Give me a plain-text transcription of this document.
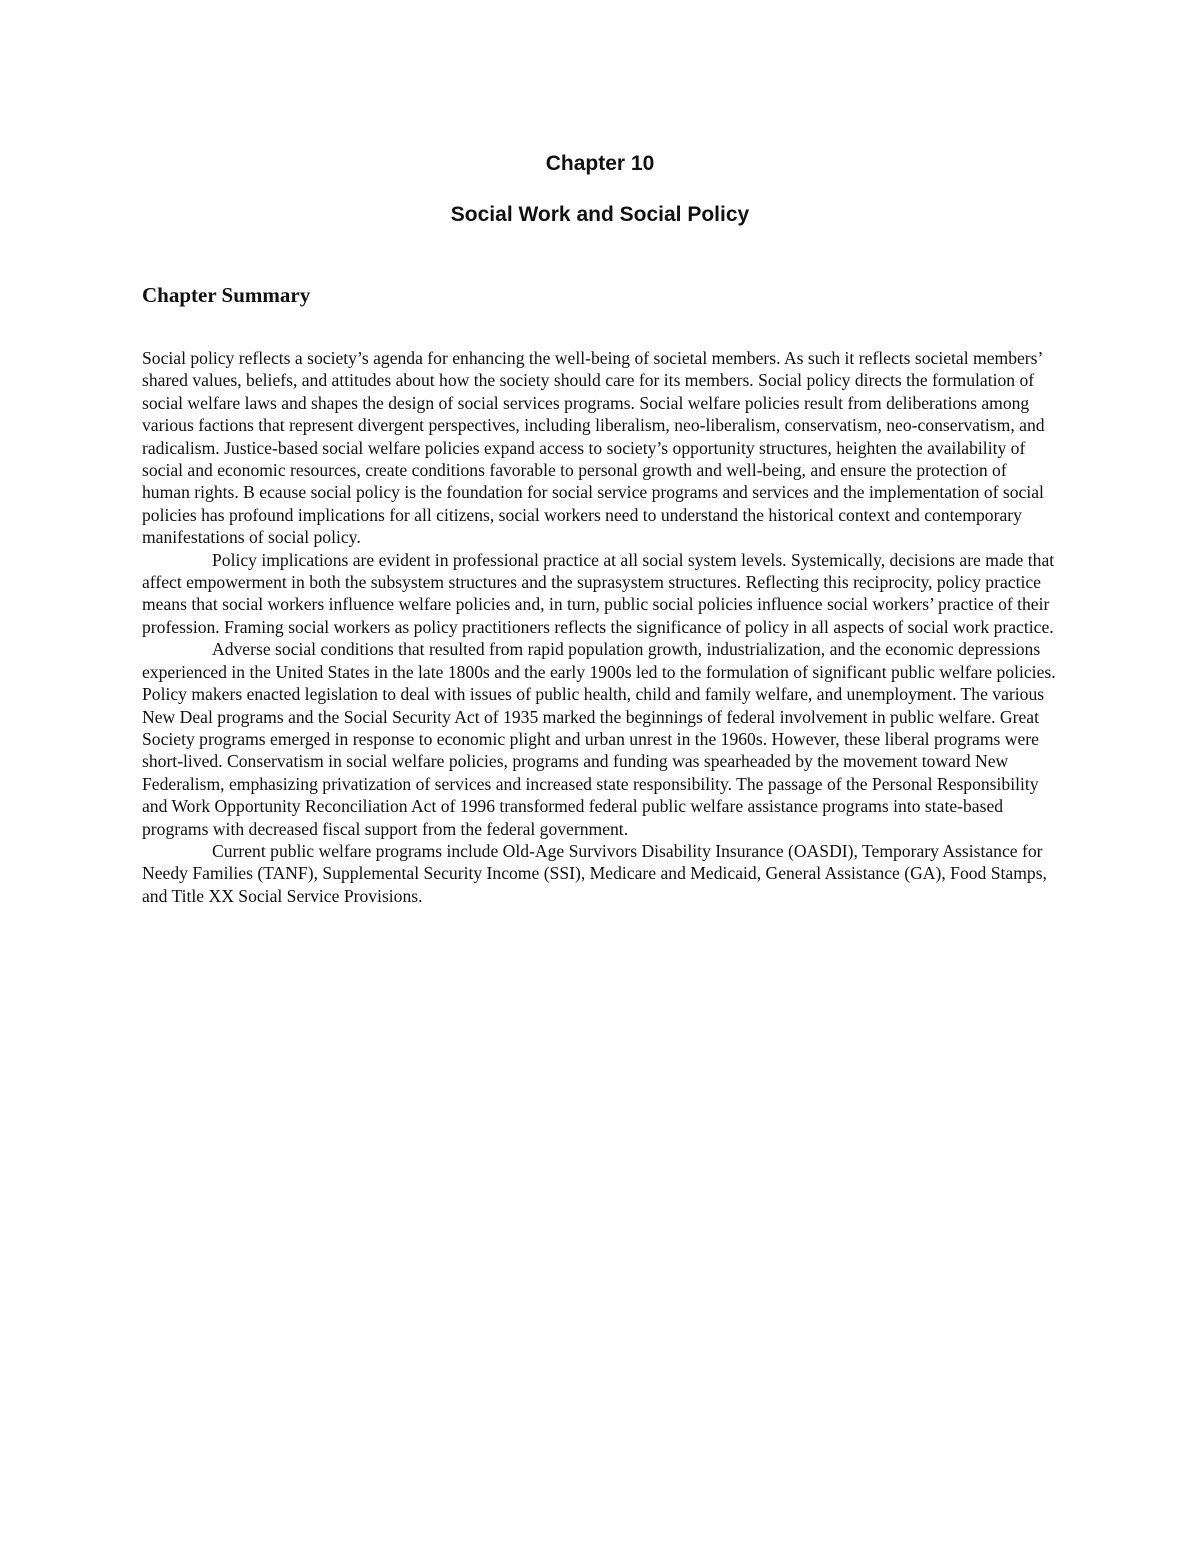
Chapter 10
Social Work and Social Policy
Chapter Summary

Social policy reflects a society’s agenda for enhancing the well-being of societal members. As such it reflects societal members’ shared values, beliefs, and attitudes about how the society should care for its members. Social policy directs the formulation of social welfare laws and shapes the design of social services programs. Social welfare policies result from deliberations among various factions that represent divergent perspectives, including liberalism, neo-liberalism, conservatism, neo-conservatism, and radicalism. Justice-based social welfare policies expand access to society’s opportunity structures, heighten the availability of social and economic resources, create conditions favorable to personal growth and well-being, and ensure the protection of human rights. B ecause social policy is the foundation for social service programs and services and the implementation of social policies has profound implications for all citizens, social workers need to understand the historical context and contemporary manifestations of social policy.

Policy implications are evident in professional practice at all social system levels. Systemically, decisions are made that affect empowerment in both the subsystem structures and the suprasystem structures. Reflecting this reciprocity, policy practice means that social workers influence welfare policies and, in turn, public social policies influence social workers’ practice of their profession. Framing social workers as policy practitioners reflects the significance of policy in all aspects of social work practice.

Adverse social conditions that resulted from rapid population growth, industrialization, and the economic depressions experienced in the United States in the late 1800s and the early 1900s led to the formulation of significant public welfare policies. Policy makers enacted legislation to deal with issues of public health, child and family welfare, and unemployment. The various New Deal programs and the Social Security Act of 1935 marked the beginnings of federal involvement in public welfare. Great Society programs emerged in response to economic plight and urban unrest in the 1960s. However, these liberal programs were short-lived. Conservatism in social welfare policies, programs and funding was spearheaded by the movement toward New Federalism, emphasizing privatization of services and increased state responsibility. The passage of the Personal Responsibility and Work Opportunity Reconciliation Act of 1996 transformed federal public welfare assistance programs into state-based programs with decreased fiscal support from the federal government.

Current public welfare programs include Old-Age Survivors Disability Insurance (OASDI), Temporary Assistance for Needy Families (TANF), Supplemental Security Income (SSI), Medicare and Medicaid, General Assistance (GA), Food Stamps, and Title XX Social Service Provisions.
